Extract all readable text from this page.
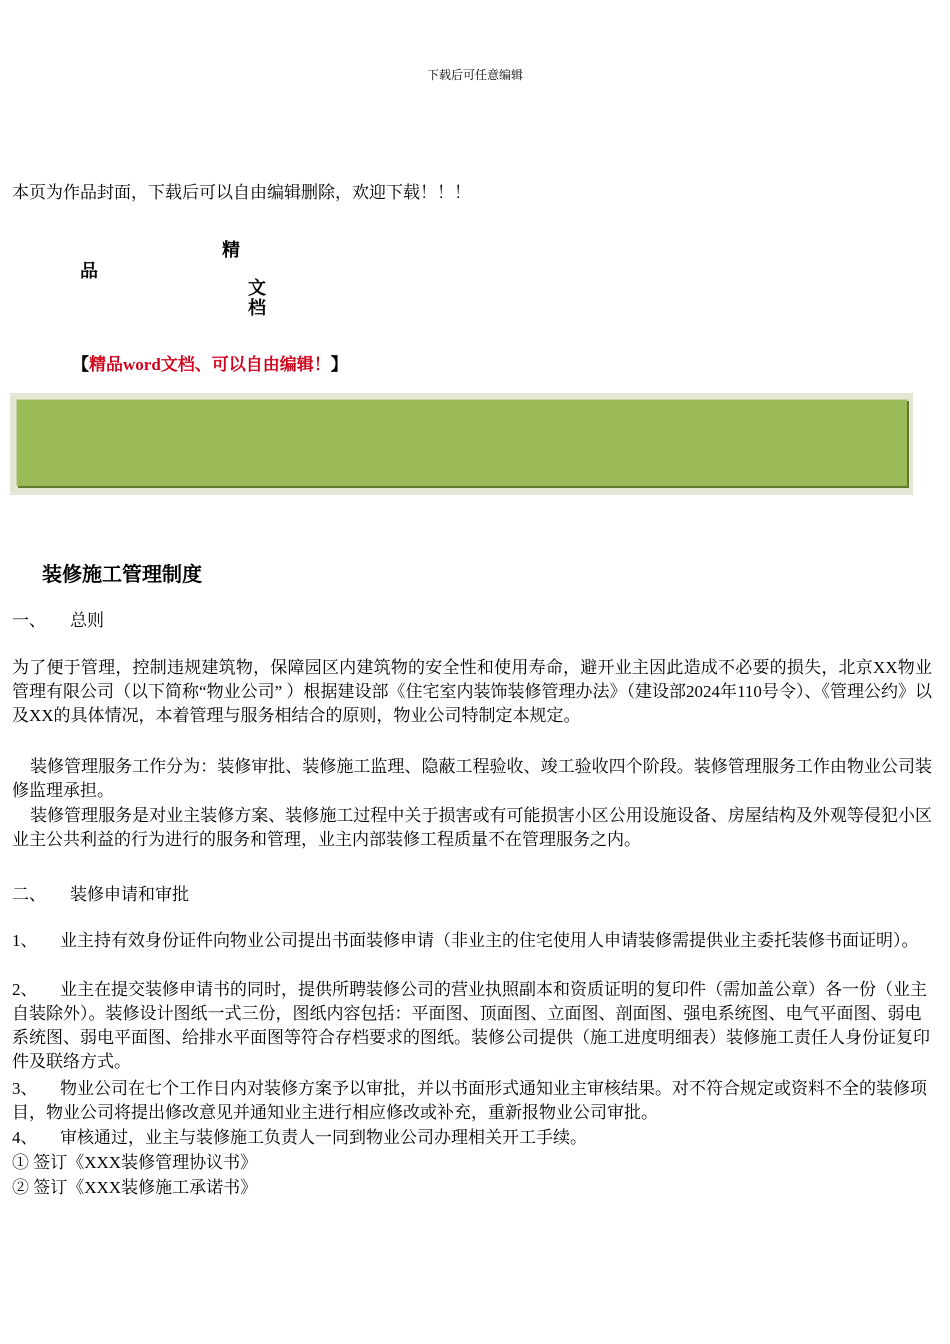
下载后可任意编辑
本页为作品封面，下载后可以自由编辑删除，欢迎下载！！！
精
品
文
档
【精品word文档、可以自由编辑！】
装修施工管理制度
一、 总则
为了便于管理，控制违规建筑物，保障园区内建筑物的安全性和使用寿命，避开业主因此造成不必要的损失，北京XX物业管理有限公司（以下简称“物业公司” ）根据建设部《住宅室内装饰装修管理办法》（建设部2024年110号令）、《管理公约》以及XX的具体情况，本着管理与服务相结合的原则，物业公司特制定本规定。
装修管理服务工作分为：装修审批、装修施工监理、隐蔽工程验收、竣工验收四个阶段。装修管理服务工作由物业公司装修监理承担。
装修管理服务是对业主装修方案、装修施工过程中关于损害或有可能损害小区公用设施设备、房屋结构及外观等侵犯小区业主公共利益的行为进行的服务和管理，业主内部装修工程质量不在管理服务之内。
二、 装修申请和审批
1、 业主持有效身份证件向物业公司提出书面装修申请（非业主的住宅使用人申请装修需提供业主委托装修书面证明）。
2、 业主在提交装修申请书的同时，提供所聘装修公司的营业执照副本和资质证明的复印件（需加盖公章）各一份（业主自装除外）。装修设计图纸一式三份，图纸内容包括：平面图、顶面图、立面图、剖面图、强电系统图、电气平面图、弱电系统图、弱电平面图、给排水平面图等符合存档要求的图纸。装修公司提供（施工进度明细表）装修施工责任人身份证复印件及联络方式。
3、 物业公司在七个工作日内对装修方案予以审批，并以书面形式通知业主审核结果。对不符合规定或资料不全的装修项目，物业公司将提出修改意见并通知业主进行相应修改或补充，重新报物业公司审批。
4、 审核通过，业主与装修施工负责人一同到物业公司办理相关开工手续。
① 签订《XXX装修管理协议书》
② 签订《XXX装修施工承诺书》
